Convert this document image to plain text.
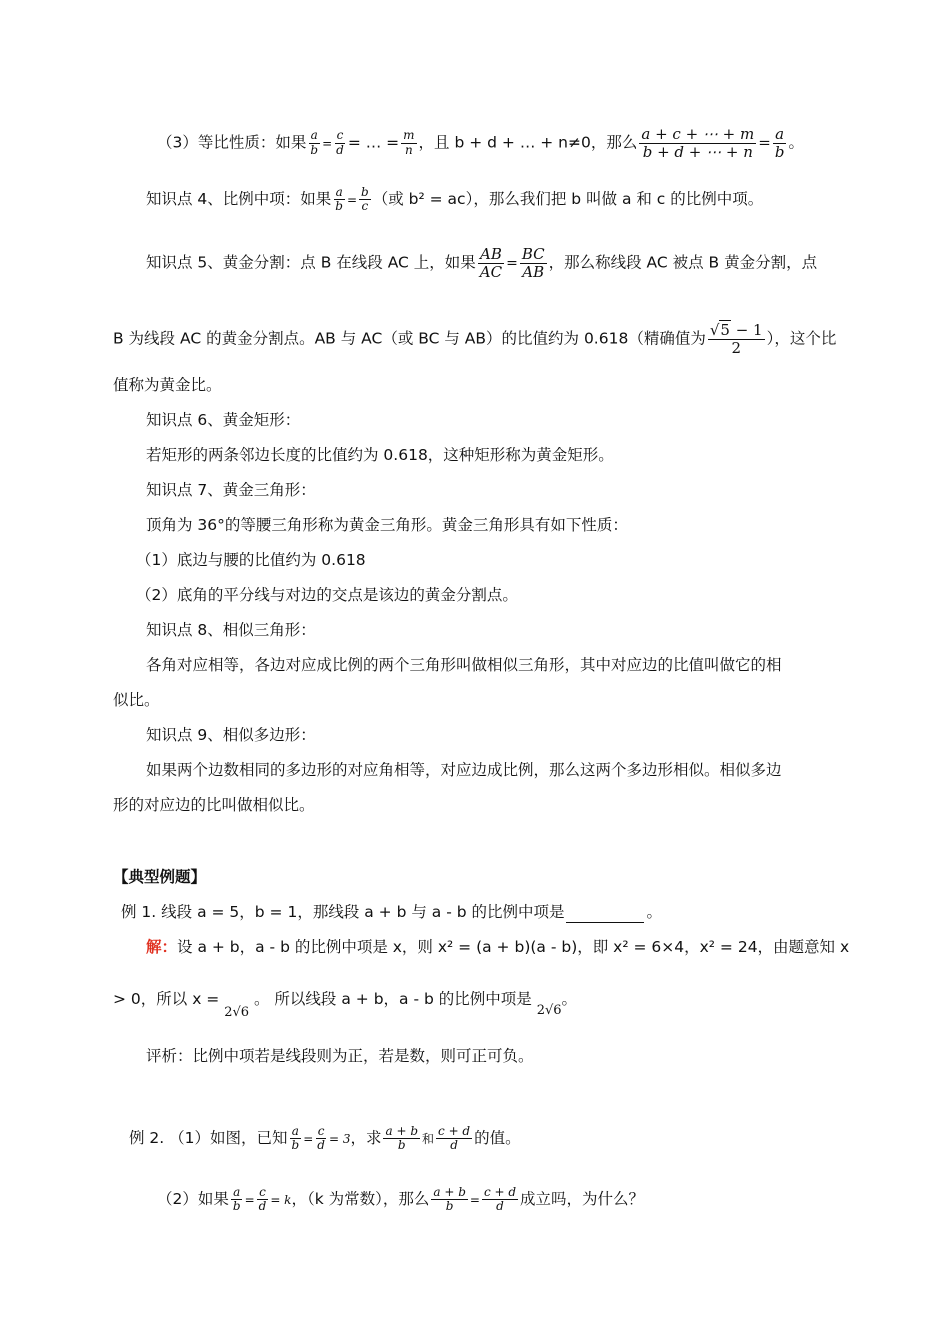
（3）等比性质：如果 $\frac{a}{b} = \frac{c}{d}$ = … = $\frac{m}{n}$ ，且 b + d + … + n≠0，那么 $\frac{a + c + \cdots + m}{b + d + \cdots + n} = \frac{a}{b}$ 。
知识点 4、比例中项：如果 $\frac{a}{b} = \frac{b}{c}$ （或 b² = ac），那么我们把 b 叫做 a 和 c 的比例中项。
知识点 5、黄金分割：点 B 在线段 AC 上，如果 $\frac{AB}{AC} = \frac{BC}{AB}$ ，那么称线段 AC 被点 B 黄金分割，点
B 为线段 AC 的黄金分割点。AB 与 AC（或 BC 与 AB）的比值约为 0.618（精确值为 $\frac{√5 - 1}{2}$ ），这个比
值称为黄金比。
知识点 6、黄金矩形：
若矩形的两条邻边长度的比值约为 0.618，这种矩形称为黄金矩形。
知识点 7、黄金三角形：
顶角为 36°的等腰三角形称为黄金三角形。黄金三角形具有如下性质：
（1）底边与腰的比值约为 0.618
（2）底角的平分线与对边的交点是该边的黄金分割点。
知识点 8、相似三角形：
各角对应相等，各边对应成比例的两个三角形叫做相似三角形，其中对应边的比值叫做它的相
似比。
知识点 9、相似多边形：
如果两个边数相同的多边形的对应角相等，对应边成比例，那么这两个多边形相似。相似多边
形的对应边的比叫做相似比。
【典型例题】
例 1. 线段 a = 5，b = 1，那线段 a + b 与 a - b 的比例中项是	。
解：设 a + b，a - b 的比例中项是 x，则 x² = (a + b)(a - b)，即 x² = 6×4，x² = 24，由题意知 x
> 0，所以 x = 2√6 。 所以线段 a + b，a - b 的比例中项是 2√6。
评析：比例中项若是线段则为正，若是数，则可正可负。
例 2. （1）如图，已知 $\frac{a}{b} = \frac{c}{d} = 3$，求 $\frac{a + b}{b}$ 和 $\frac{c + d}{d}$ 的值。
（2）如果 $\frac{a}{b} = \frac{c}{d} = k$，（k 为常数），那么 $\frac{a + b}{b} = \frac{c + d}{d}$ 成立吗，为什么？
